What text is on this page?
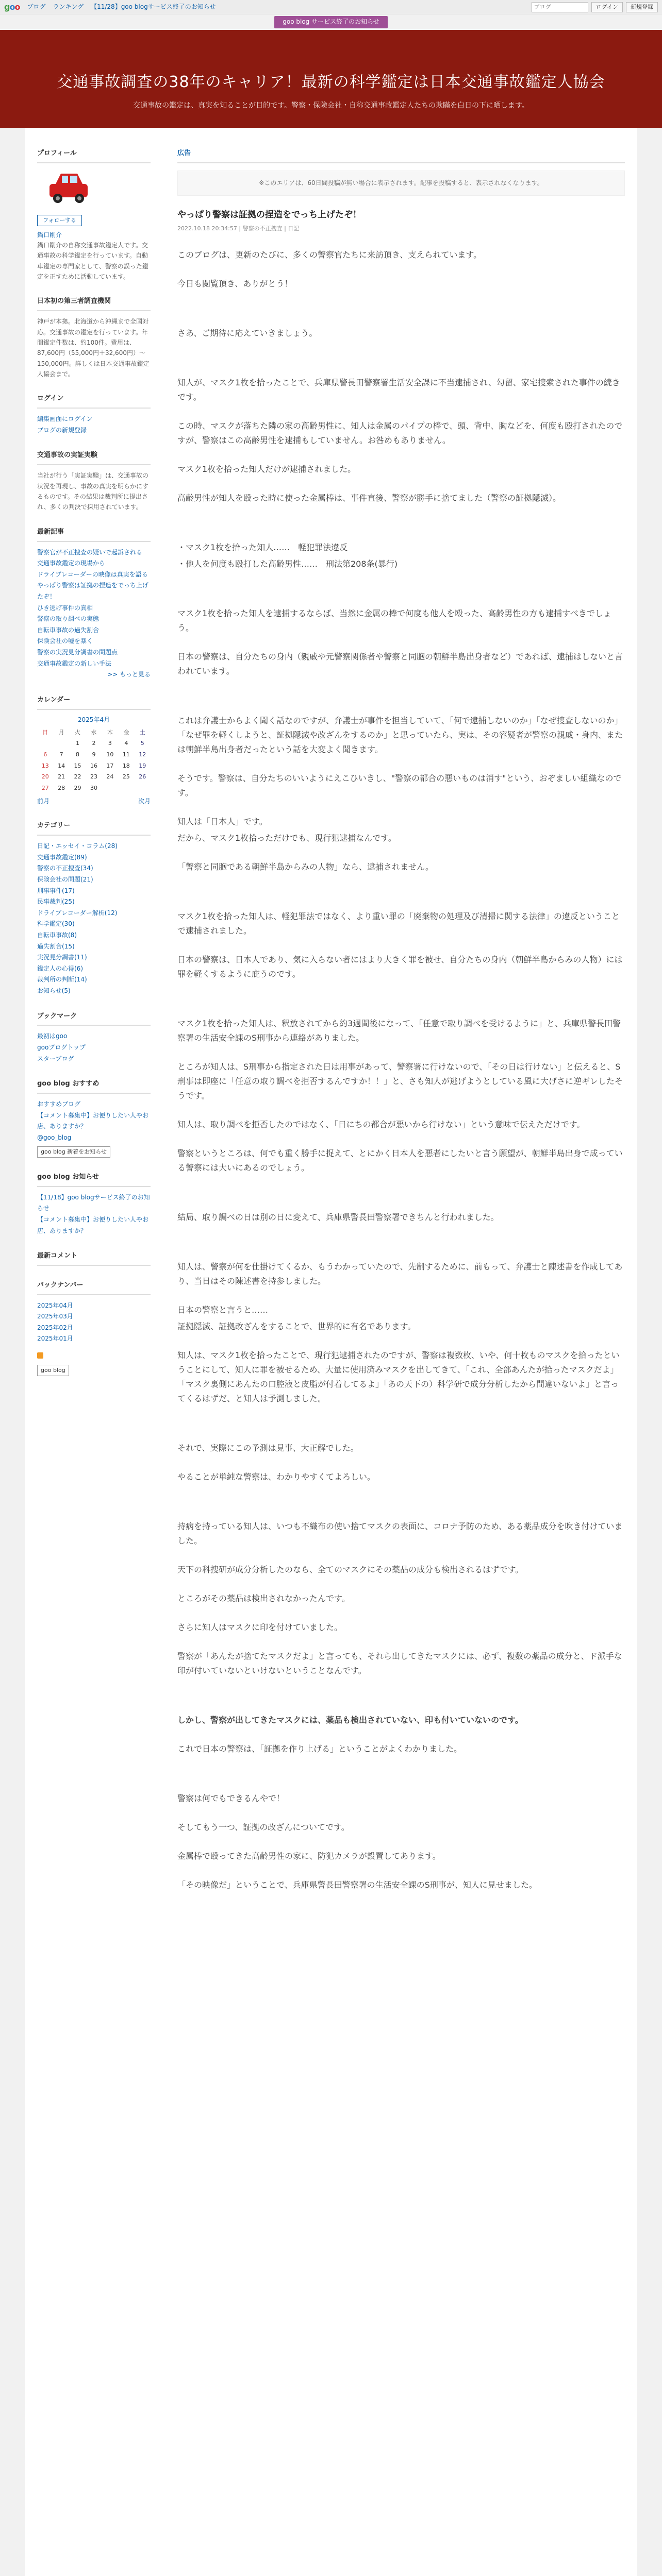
goo ブログ ランキング 【11/28】goo blogサービス終了のお知らせ
ブログ	ログイン	新規登録
goo blog サービス終了のお知らせ
交通事故調査の38年のキャリア！最新の科学鑑定は日本交通事故鑑定人協会

交通事故の鑑定は、真実を知ることが目的です。警察・保険会社・自称交通事故鑑定人たちの欺瞞を白日の下に晒します。

プロフィール
フォローする
鍋口剛介
鍋口剛介の自称交通事故鑑定人です。交通事故の科学鑑定を行っています。自動車鑑定の専門家として、警察の誤った鑑定を正すために活動しています。
日本初の第三者調査機関
神戸が本拠。北海道から沖縄まで全国対応。交通事故の鑑定を行っています。年間鑑定件数は、約100件。費用は、87,600円（55,000円＋32,600円）～150,000円。詳しくは日本交通事故鑑定人協会まで。
ログイン
編集画面にログイン
ブログの新規登録
交通事故の実証実験
当社が行う「実証実験」は、交通事故の状況を再現し、事故の真実を明らかにするものです。その結果は裁判所に提出され、多くの判決で採用されています。
最新記事
警察官が不正捜査の疑いで起訴される
交通事故鑑定の現場から
ドライブレコーダーの映像は真実を語る
やっぱり警察は証拠の捏造をでっち上げたぞ！
ひき逃げ事件の真相
警察の取り調べの実態
自転車事故の過失割合
保険会社の嘘を暴く
警察の実況見分調書の問題点
交通事故鑑定の新しい手法
>> もっと見る
カレンダー
2025年4月
日	月	火	水	木	金	土
		1	2	3	4	5
6	7	8	9	10	11	12
13	14	15	16	17	18	19
20	21	22	23	24	25	26
27	28	29	30			
前月	次月
カテゴリー
日記・エッセイ・コラム(28)
交通事故鑑定(89)
警察の不正捜査(34)
保険会社の問題(21)
刑事事件(17)
民事裁判(25)
ドライブレコーダー解析(12)
科学鑑定(30)
自転車事故(8)
過失割合(15)
実況見分調書(11)
鑑定人の心得(6)
裁判所の判断(14)
お知らせ(5)
ブックマーク
最初はgoo
gooブログトップ
スターブログ
goo blog おすすめ
おすすめブログ
【コメント募集中】お便りしたい人やお店、ありますか？
@goo_blog
goo blog 新着をお知らせ
goo blog お知らせ
【11/18】goo blogサービス終了のお知らせ
【コメント募集中】お便りしたい人やお店、ありますか？
最新コメント
バックナンバー
2025年04月
2025年03月
2025年02月
2025年01月
goo blog
広告
※このエリアは、60日間投稿が無い場合に表示されます。記事を投稿すると、表示されなくなります。
やっぱり警察は証拠の捏造をでっち上げたぞ！
2022.10.18 20:34:57 | 警察の不正捜査 | 日記

このブログは、更新のたびに、多くの警察官たちに来訪頂き、支えられています。

今日も閲覧頂き、ありがとう！

さあ、ご期待に応えていきましょう。

知人が、マスク1枚を拾ったことで、兵庫県警長田警察署生活安全課に不当逮捕され、勾留、家宅捜索された事件の続きです。

この時、マスクが落ちた隣の家の高齢男性に、知人は金属のパイプの棒で、頭、背中、胸などを、何度も殴打されたのですが、警察はこの高齢男性を逮捕もしていません。お咎めもありません。

マスク1枚を拾った知人だけが逮捕されました。

高齢男性が知人を殴った時に使った金属棒は、事件直後、警察が勝手に捨てました（警察の証拠隠滅）。

・マスク1枚を拾った知人……　軽犯罪法違反

・他人を何度も殴打した高齢男性……　刑法第208条(暴行)

マスク1枚を拾った知人を逮捕するならば、当然に金属の棒で何度も他人を殴った、高齢男性の方も逮捕すべきでしょう。

日本の警察は、自分たちの身内（親戚や元警察関係者や警察と同胞の朝鮮半島出身者など）であれば、逮捕はしないと言われています。

これは弁護士からよく聞く話なのですが、弁護士が事件を担当していて、「何で逮捕しないのか」「なぜ捜査しないのか」「なぜ罪を軽くしようと、証拠隠滅や改ざんをするのか」と思っていたら、実は、その容疑者が警察の親戚・身内、または朝鮮半島出身者だったという話を大変よく聞きます。

そうです。警察は、自分たちのいいようにえこひいきし、"警察の都合の悪いものは消す"という、おぞましい組織なのです。

知人は「日本人」です。

だから、マスク1枚拾っただけでも、現行犯逮捕なんです。

「警察と同胞である朝鮮半島からみの人物」なら、逮捕されません。

マスク1枚を拾った知人は、軽犯罪法ではなく、より重い罪の「廃棄物の処理及び清掃に関する法律」の違反ということで逮捕されました。

日本の警察は、日本人であり、気に入らない者にはより大きく罪を被せ、自分たちの身内（朝鮮半島からみの人物）には罪を軽くするように庇うのです。

マスク1枚を拾った知人は、釈放されてから約3週間後になって、「任意で取り調べを受けるように」と、兵庫県警長田警察署の生活安全課のS刑事から連絡がありました。

ところが知人は、S刑事から指定された日は用事があって、警察署に行けないので、「その日は行けない」と伝えると、S刑事は即座に「任意の取り調べを拒否するんですか！！」と、さも知人が逃げようとしている風に大げさに逆ギレしたそうです。

知人は、取り調べを拒否したのではなく、「日にちの都合が悪いから行けない」という意味で伝えただけです。

警察というところは、何でも重く勝手に捉えて、とにかく日本人を悪者にしたいと言う願望が、朝鮮半島出身で成っている警察には大いにあるのでしょう。

結局、取り調べの日は別の日に変えて、兵庫県警長田警察署できちんと行われました。

知人は、警察が何を仕掛けてくるか、もうわかっていたので、先制するために、前もって、弁護士と陳述書を作成してあり、当日はその陳述書を持参しました。

日本の警察と言うと……

証拠隠滅、証拠改ざんをすることで、世界的に有名であります。

知人は、マスク1枚を拾ったことで、現行犯逮捕されたのですが、警察は複数枚、いや、何十枚ものマスクを拾ったということにして、知人に罪を被せるため、大量に使用済みマスクを出してきて、「これ、全部あんたが拾ったマスクだよ」「マスク裏側にあんたの口腔液と皮脂が付着してるよ」「あの天下の）科学研で成分分析したから間違いないよ」と言ってくるはずだ、と知人は予測しました。

それで、実際にこの予測は見事、大正解でした。

やることが単純な警察は、わかりやすくてよろしい。

持病を持っている知人は、いつも不織布の使い捨てマスクの表面に、コロナ予防のため、ある薬品成分を吹き付けていました。

天下の科捜研が成分分析したのなら、全てのマスクにその薬品の成分も検出されるはずです。

ところがその薬品は検出されなかったんです。

さらに知人はマスクに印を付けていました。

警察が「あんたが捨てたマスクだよ」と言っても、それら出してきたマスクには、必ず、複数の薬品の成分と、ド派手な印が付いていないといけないということなんです。

しかし、警察が出してきたマスクには、薬品も検出されていない、印も付いていないのです。

これで日本の警察は、「証拠を作り上げる」ということがよくわかりました。

警察は何でもできるんやで！

そしてもう一つ、証拠の改ざんについてです。

金属棒で殴ってきた高齢男性の家に、防犯カメラが設置してあります。

「その映像だ」ということで、兵庫県警長田警察署の生活安全課のS刑事が、知人に見せました。
